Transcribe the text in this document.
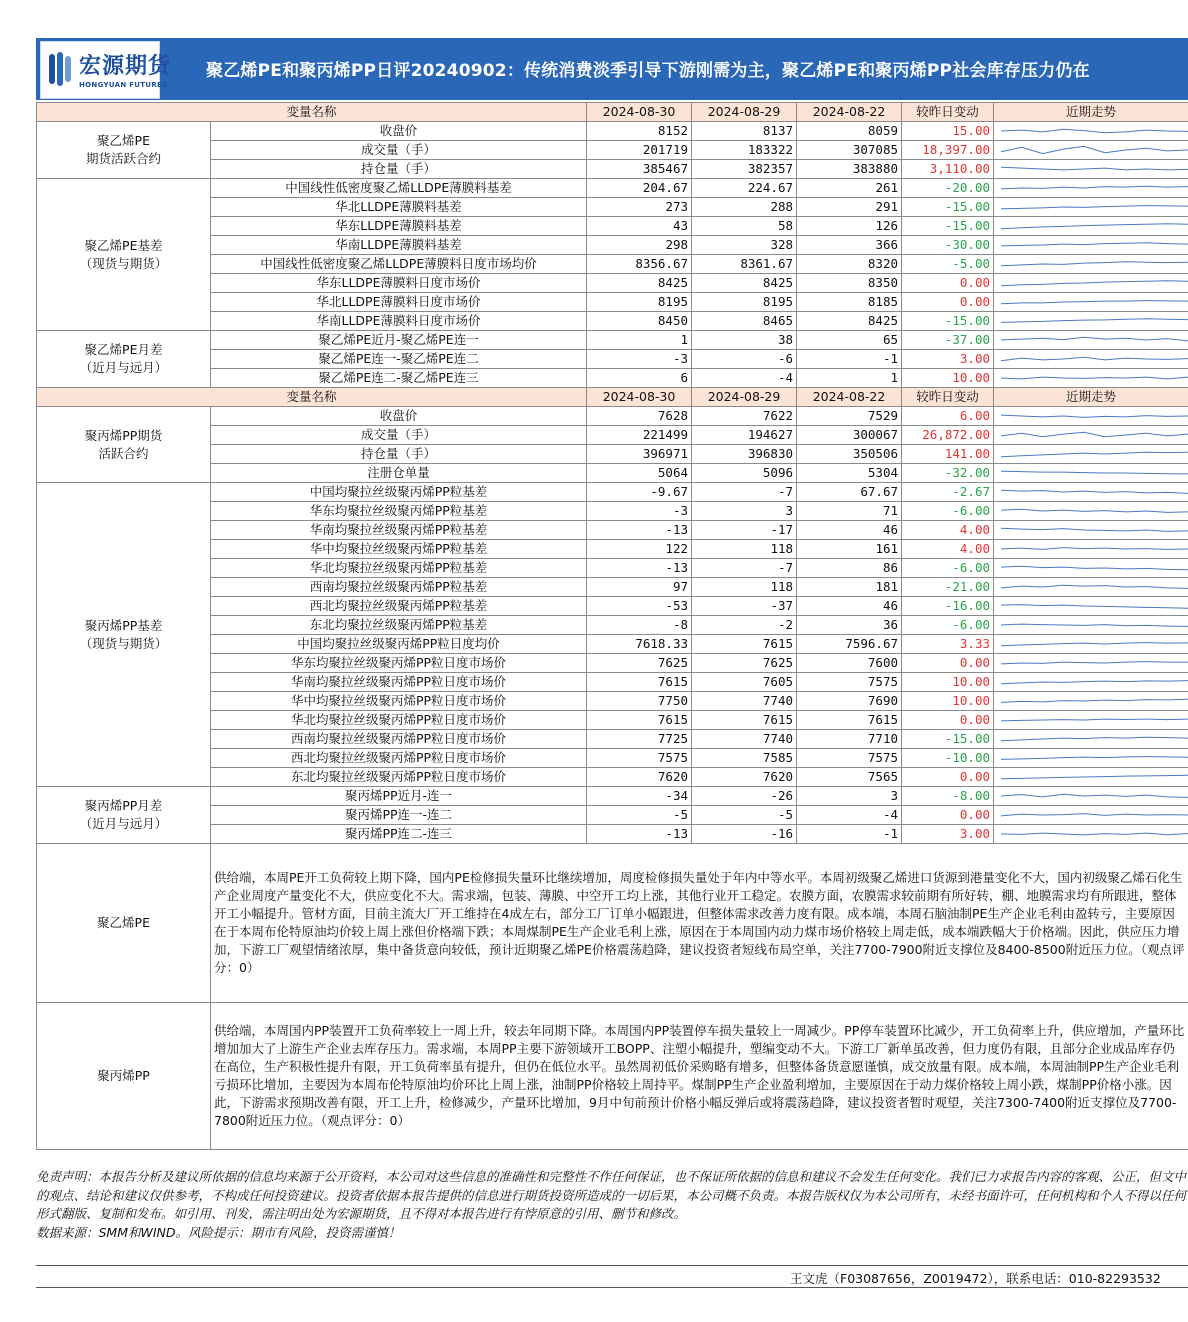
宏源期货
HONGYUAN FUTURES
聚乙烯PE和聚丙烯PP日评20240902：传统消费淡季引导下游刚需为主，聚乙烯PE和聚丙烯PP社会库存压力仍在
变量名称		2024-08-30	2024-08-29	2024-08-22	较昨日变动	近期走势

聚乙烯PE
期货活跃合约	收盘价	8152	8137	8059	15.00	

	成交量（手）	201719	183322	307085	18,397.00	

	持仓量（手）	385467	382357	383880	3,110.00	

聚乙烯PE基差
（现货与期货）	中国线性低密度聚乙烯LLDPE薄膜料基差	204.67	224.67	261	-20.00	

	华北LLDPE薄膜料基差	273	288	291	-15.00	

	华东LLDPE薄膜料基差	43	58	126	-15.00	

	华南LLDPE薄膜料基差	298	328	366	-30.00	

	中国线性低密度聚乙烯LLDPE薄膜料日度市场均价	8356.67	8361.67	8320	-5.00	

	华东LLDPE薄膜料日度市场价	8425	8425	8350	0.00	

	华北LLDPE薄膜料日度市场价	8195	8195	8185	0.00	

	华南LLDPE薄膜料日度市场价	8450	8465	8425	-15.00	

聚乙烯PE月差
（近月与远月）	聚乙烯PE近月-聚乙烯PE连一	1	38	65	-37.00	

	聚乙烯PE连一-聚乙烯PE连二	-3	-6	-1	3.00	

	聚乙烯PE连二-聚乙烯PE连三	6	-4	1	10.00	

变量名称		2024-08-30	2024-08-29	2024-08-22	较昨日变动	近期走势

聚丙烯PP期货
活跃合约	收盘价	7628	7622	7529	6.00	

	成交量（手）	221499	194627	300067	26,872.00	

	持仓量（手）	396971	396830	350506	141.00	

	注册仓单量	5064	5096	5304	-32.00	

聚丙烯PP基差
（现货与期货）	中国均聚拉丝级聚丙烯PP粒基差	-9.67	-7	67.67	-2.67	

	华东均聚拉丝级聚丙烯PP粒基差	-3	3	71	-6.00	

	华南均聚拉丝级聚丙烯PP粒基差	-13	-17	46	4.00	

	华中均聚拉丝级聚丙烯PP粒基差	122	118	161	4.00	

	华北均聚拉丝级聚丙烯PP粒基差	-13	-7	86	-6.00	

	西南均聚拉丝级聚丙烯PP粒基差	97	118	181	-21.00	

	西北均聚拉丝级聚丙烯PP粒基差	-53	-37	46	-16.00	

	东北均聚拉丝级聚丙烯PP粒基差	-8	-2	36	-6.00	

	中国均聚拉丝级聚丙烯PP粒日度均价	7618.33	7615	7596.67	3.33	

	华东均聚拉丝级聚丙烯PP粒日度市场价	7625	7625	7600	0.00	

	华南均聚拉丝级聚丙烯PP粒日度市场价	7615	7605	7575	10.00	

	华中均聚拉丝级聚丙烯PP粒日度市场价	7750	7740	7690	10.00	

	华北均聚拉丝级聚丙烯PP粒日度市场价	7615	7615	7615	0.00	

	西南均聚拉丝级聚丙烯PP粒日度市场价	7725	7740	7710	-15.00	

	西北均聚拉丝级聚丙烯PP粒日度市场价	7575	7585	7575	-10.00	

	东北均聚拉丝级聚丙烯PP粒日度市场价	7620	7620	7565	0.00	

聚丙烯PP月差
（近月与远月）	聚丙烯PP近月-连一	-34	-26	3	-8.00	

	聚丙烯PP连一-连二	-5	-5	-4	0.00	

	聚丙烯PP连二-连三	-13	-16	-1	3.00	

聚乙烯PE	供给端，本周PE开工负荷较上期下降，国内PE检修损失量环比继续增加，周度检修损失量处于年内中等水平。本周初级聚乙烯进口货源到港量变化不大，国内初级聚乙烯石化生产企业周度产量变化不大，供应变化不大。需求端，包装、薄膜、中空开工均上涨，其他行业开工稳定。农膜方面，农膜需求较前期有所好转，棚、地膜需求均有所跟进，整体开工小幅提升。管材方面，目前主流大厂开工维持在4成左右，部分工厂订单小幅跟进，但整体需求改善力度有限。成本端，本周石脑油制PE生产企业毛利由盈转亏，主要原因在于本周布伦特原油均价较上周上涨但价格端下跌；本周煤制PE生产企业毛利上涨，原因在于本周国内动力煤市场价格较上周走低，成本端跌幅大于价格端。因此，供应压力增加，下游工厂观望情绪浓厚，集中备货意向较低，预计近期聚乙烯PE价格震荡趋降，建议投资者短线布局空单，关注7700-7900附近支撑位及8400-8500附近压力位。（观点评分：0）					
聚丙烯PP	供给端，本周国内PP装置开工负荷率较上一周上升，较去年同期下降。本周国内PP装置停车损失量较上一周减少。PP停车装置环比减少，开工负荷率上升，供应增加，产量环比增加加大了上游生产企业去库存压力。需求端，本周PP主要下游领域开工BOPP、注塑小幅提升，塑编变动不大。下游工厂新单虽改善，但力度仍有限，且部分企业成品库存仍在高位，生产积极性提升有限，开工负荷率虽有提升，但仍在低位水平。虽然周初低价采购略有增多，但整体备货意愿谨慎，成交放量有限。成本端，本周油制PP生产企业毛利亏损环比增加，主要因为本周布伦特原油均价环比上周上涨，油制PP价格较上周持平。煤制PP生产企业盈利增加，主要原因在于动力煤价格较上周小跌，煤制PP价格小涨。因此，下游需求预期改善有限，开工上升，检修减少，产量环比增加，9月中旬前预计价格小幅反弹后或将震荡趋降，建议投资者暂时观望，关注7300-7400附近支撑位及7700-7800附近压力位。（观点评分：0）					
免责声明：本报告分析及建议所依据的信息均来源于公开资料，本公司对这些信息的准确性和完整性不作任何保证，也不保证所依据的信息和建议不会发生任何变化。我们已力求报告内容的客观、公正，但文中的观点、结论和建议仅供参考，不构成任何投资建议。投资者依据本报告提供的信息进行期货投资所造成的一切后果，本公司概不负责。本报告版权仅为本公司所有，未经书面许可，任何机构和个人不得以任何形式翻版、复制和发布。如引用、刊发，需注明出处为宏源期货，且不得对本报告进行有悖原意的引用、删节和修改。
数据来源：SMM和WIND。风险提示：期市有风险，投资需谨慎！
王文虎（F03087656，Z0019472），联系电话：010-82293532
